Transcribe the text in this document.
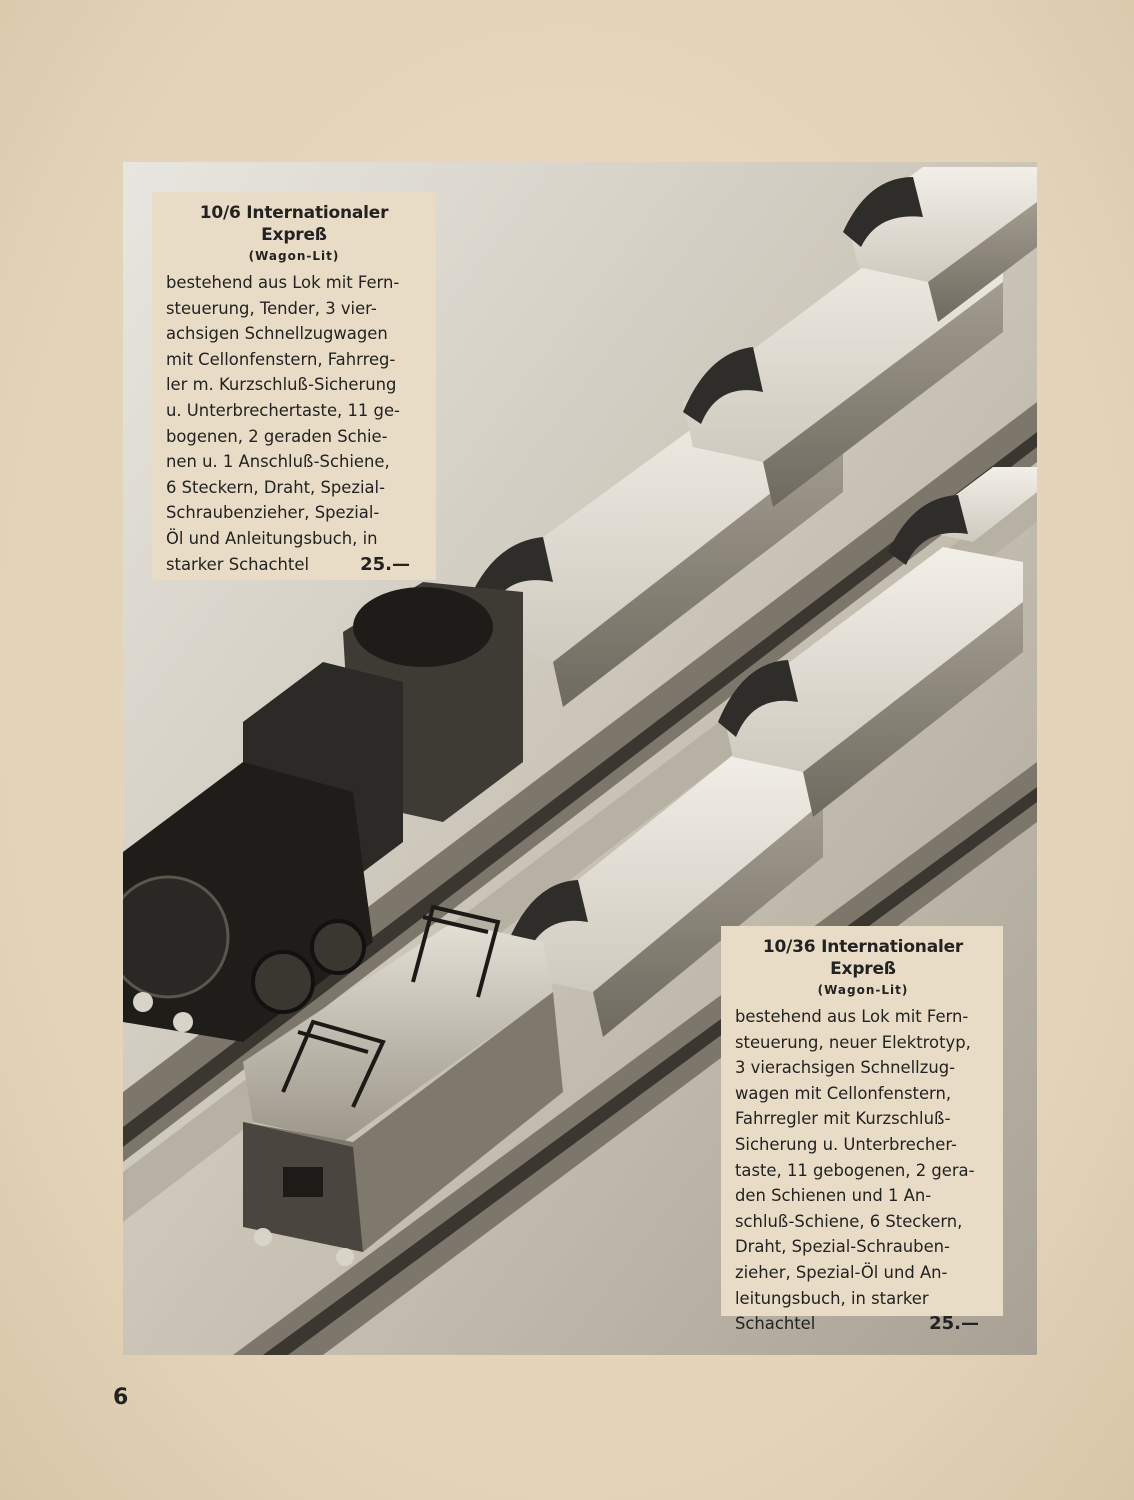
10/6 Internationaler Expreß
(Wagon-Lit)
bestehend aus Lok mit Fern-
steuerung, Tender, 3 vier-
achsigen Schnellzugwagen
mit Cellonfenstern, Fahrreg-
ler m. Kurzschluß-Sicherung
u. Unterbrechertaste, 11 ge-
bogenen, 2 geraden Schie-
nen u. 1 Anschluß-Schiene,
6 Steckern, Draht, Spezial-
Schraubenzieher, Spezial-
Öl und Anleitungsbuch, in
starker Schachtel	25.—
10/36 Internationaler Expreß
(Wagon-Lit)
bestehend aus Lok mit Fern-
steuerung, neuer Elektrotyp,
3 vierachsigen Schnellzug-
wagen mit Cellonfenstern,
Fahrregler mit Kurzschluß-
Sicherung u. Unterbrecher-
taste, 11 gebogenen, 2 gera-
den Schienen und 1 An-
schluß-Schiene, 6 Steckern,
Draht, Spezial-Schrauben-
zieher, Spezial-Öl und An-
leitungsbuch, in starker
Schachtel	25.—
6
